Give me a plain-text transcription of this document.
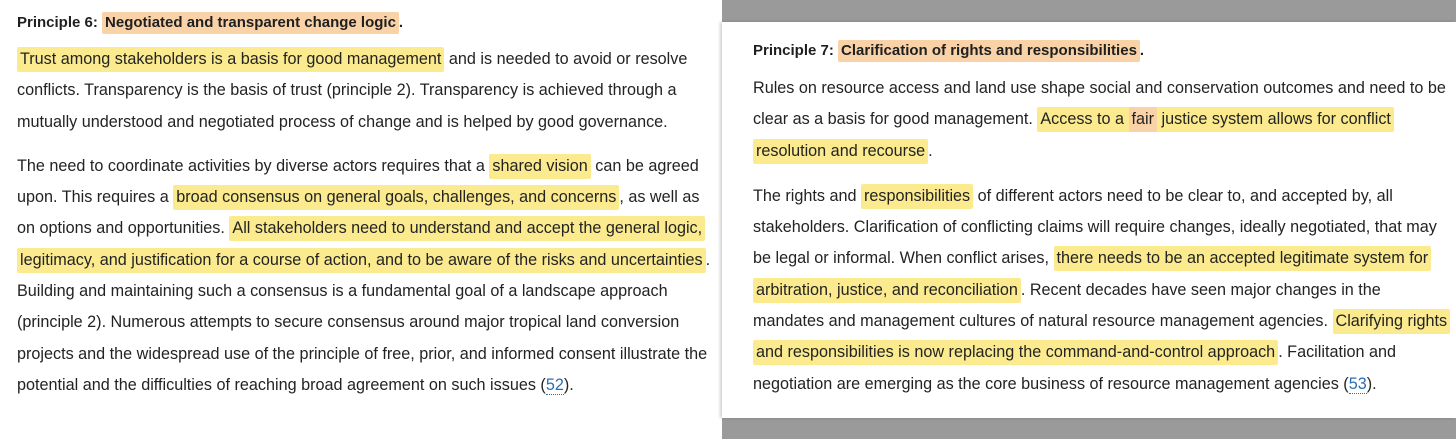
Principle 6: Negotiated and transparent change logic .

Trust among stakeholders is a basis for good management and is needed to avoid or resolve conflicts. Transparency is the basis of trust (principle 2). Transparency is achieved through a mutually understood and negotiated process of change and is helped by good governance.

The need to coordinate activities by diverse actors requires that a shared vision can be agreed upon. This requires a broad consensus on general goals, challenges, and concerns , as well as on options and opportunities. All stakeholders need to understand and accept the general logic, legitimacy, and justification for a course of action, and to be aware of the risks and uncertainties . Building and maintaining such a consensus is a fundamental goal of a landscape approach (principle 2). Numerous attempts to secure consensus around major tropical land conversion projects and the widespread use of the principle of free, prior, and informed consent illustrate the potential and the difficulties of reaching broad agreement on such issues (52).

Principle 7: Clarification of rights and responsibilities .

Rules on resource access and land use shape social and conservation outcomes and need to be clear as a basis for good management. Access to a fair justice system allows for conflict resolution and recourse .

The rights and responsibilities of different actors need to be clear to, and accepted by, all stakeholders. Clarification of conflicting claims will require changes, ideally negotiated, that may be legal or informal. When conflict arises, there needs to be an accepted legitimate system for arbitration, justice, and reconciliation . Recent decades have seen major changes in the mandates and management cultures of natural resource management agencies. Clarifying rights and responsibilities is now replacing the command-and-control approach . Facilitation and negotiation are emerging as the core business of resource management agencies (53).
